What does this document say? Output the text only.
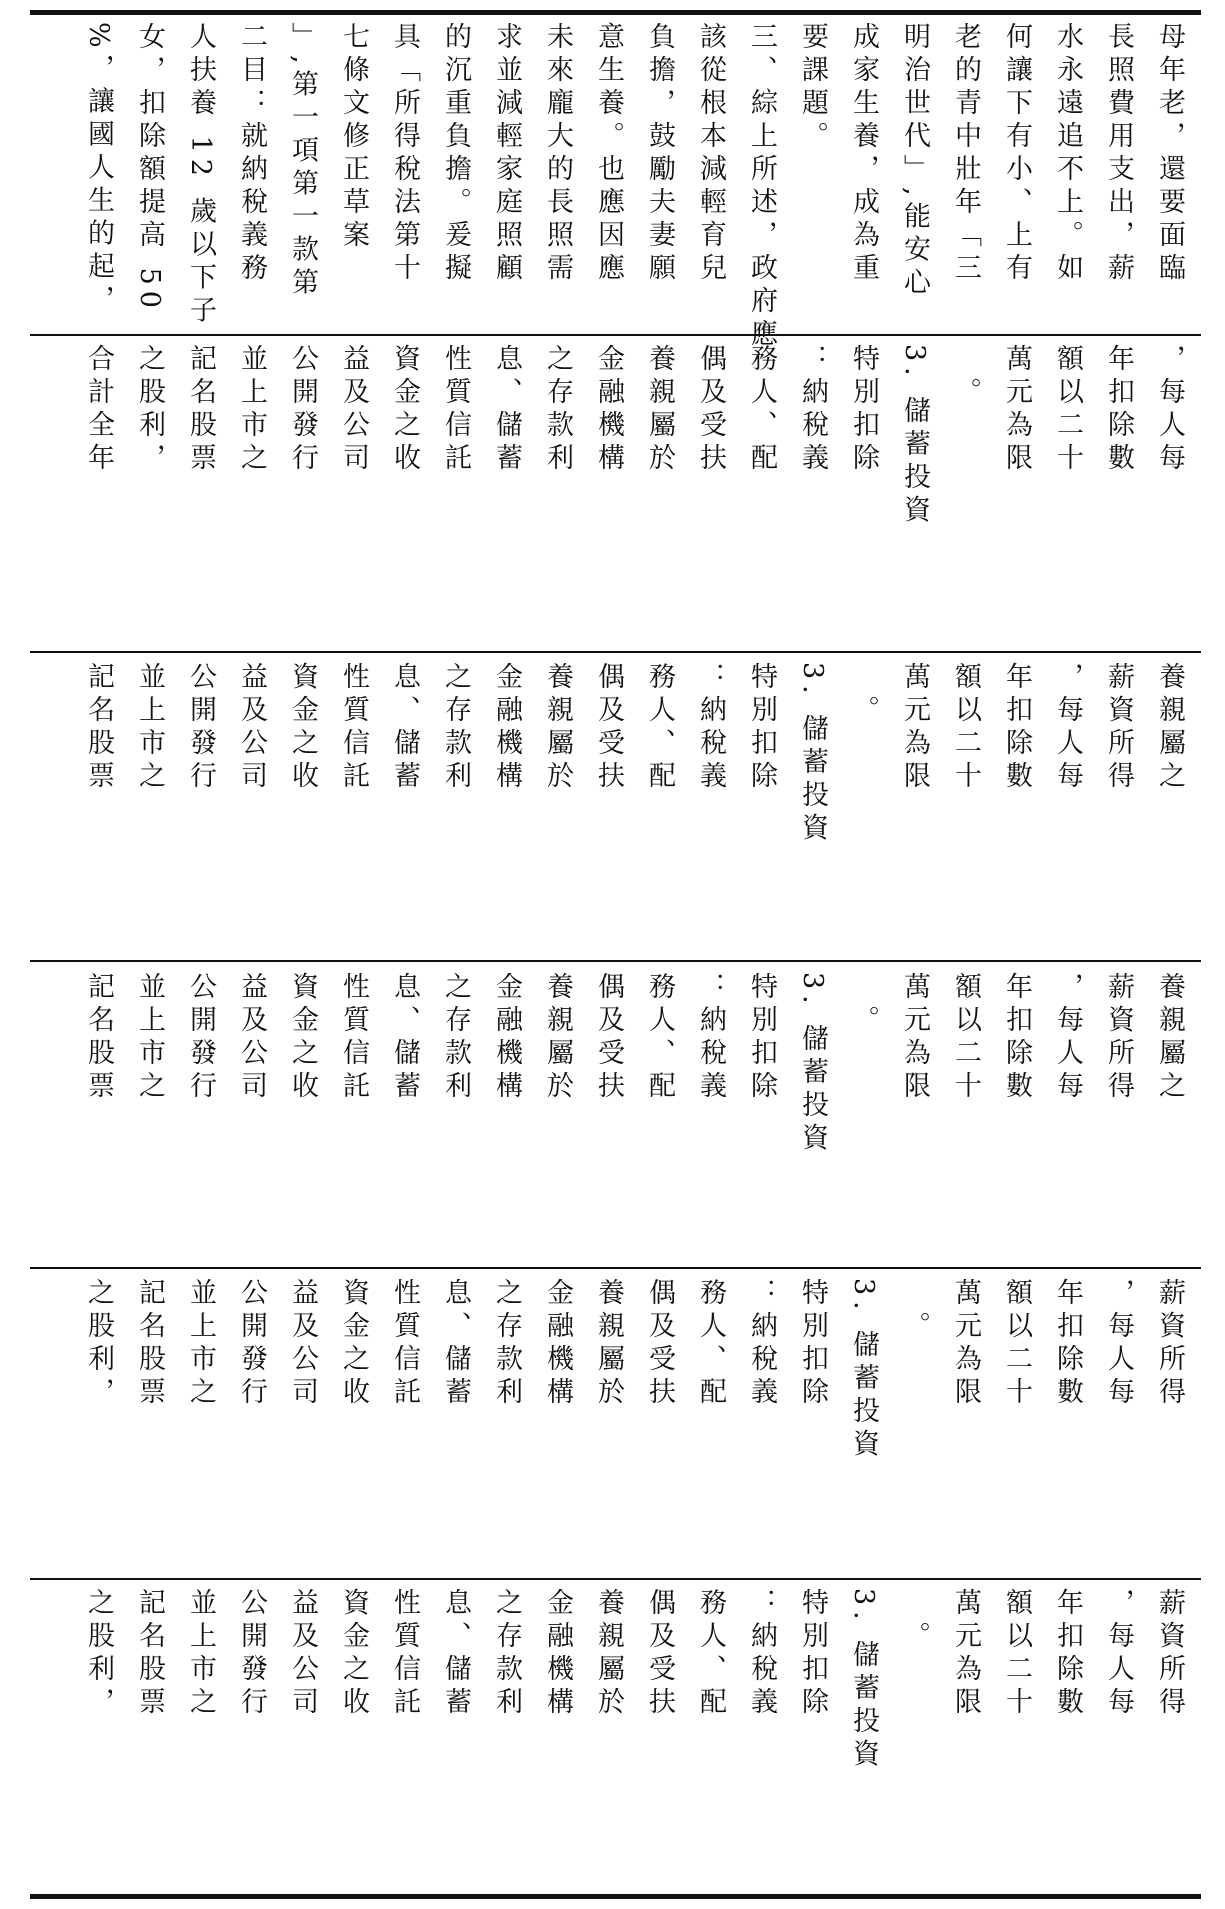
母年老，還要面臨

長照費用支出，薪

水永遠追不上。如

何讓下有小、上有

老的青中壯年「三

明治世代」,能安心

成家生養，成為重

要課題。

三、綜上所述，政府應

該從根本減輕育兒

負擔，鼓勵夫妻願

意生養。也應因應

未來龐大的長照需

求並減輕家庭照顧

的沉重負擔。爰擬

具「所得稅法第十

七條文修正草案

」,第一項第一款第

二目：就納稅義務

人扶養 12 歲以下子

女，扣除額提高 50

%，讓國人生的起，

，每人每

年扣除數

額以二十

萬元為限

　。

3. 儲蓄投資

特別扣除

：納稅義

務人、配

偶及受扶

養親屬於

金融機構

之存款利

息、儲蓄

性質信託

資金之收

益及公司

公開發行

並上市之

記名股票

之股利，

合計全年

養親屬之

薪資所得

，每人每

年扣除數

額以二十

萬元為限

　。

3. 儲蓄投資

特別扣除

：納稅義

務人、配

偶及受扶

養親屬於

金融機構

之存款利

息、儲蓄

性質信託

資金之收

益及公司

公開發行

並上市之

記名股票

養親屬之

薪資所得

，每人每

年扣除數

額以二十

萬元為限

　。

3. 儲蓄投資

特別扣除

：納稅義

務人、配

偶及受扶

養親屬於

金融機構

之存款利

息、儲蓄

性質信託

資金之收

益及公司

公開發行

並上市之

記名股票

薪資所得

，每人每

年扣除數

額以二十

萬元為限

　。

3. 儲蓄投資

特別扣除

：納稅義

務人、配

偶及受扶

養親屬於

金融機構

之存款利

息、儲蓄

性質信託

資金之收

益及公司

公開發行

並上市之

記名股票

之股利，

薪資所得

，每人每

年扣除數

額以二十

萬元為限

　。

3. 儲蓄投資

特別扣除

：納稅義

務人、配

偶及受扶

養親屬於

金融機構

之存款利

息、儲蓄

性質信託

資金之收

益及公司

公開發行

並上市之

記名股票

之股利，
